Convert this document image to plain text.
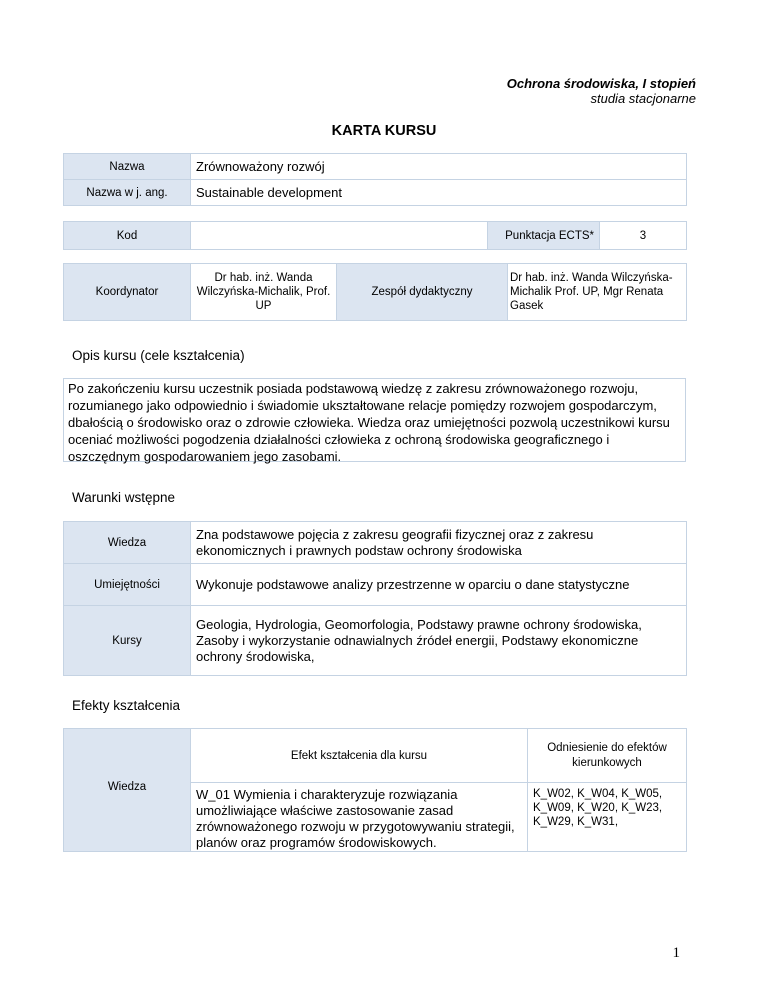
Ochrona środowiska, I stopień
studia stacjonarne
KARTA KURSU
Nazwa	Zrównoważony rozwój
Nazwa w j. ang.	Sustainable development
Kod		Punktacja ECTS*	3
Koordynator	Dr hab. inż. Wanda Wilczyńska-Michalik, Prof. UP	Zespół dydaktyczny	Dr hab. inż. Wanda Wilczyńska-Michalik Prof. UP, Mgr Renata Gasek
Opis kursu (cele kształcenia)
Po zakończeniu kursu uczestnik posiada podstawową wiedzę z zakresu zrównoważonego rozwoju, rozumianego jako odpowiednio i świadomie ukształtowane relacje pomiędzy rozwojem gospodarczym, dbałością o środowisko oraz o zdrowie człowieka. Wiedza oraz umiejętności pozwolą uczestnikowi kursu oceniać możliwości pogodzenia działalności człowieka z ochroną środowiska geograficznego i oszczędnym gospodarowaniem jego zasobami.
Warunki wstępne
Wiedza	Zna podstawowe pojęcia z zakresu geografii fizycznej oraz z zakresu ekonomicznych i prawnych podstaw ochrony środowiska
Umiejętności	Wykonuje podstawowe analizy przestrzenne w oparciu o dane statystyczne
Kursy	Geologia, Hydrologia, Geomorfologia, Podstawy prawne ochrony środowiska, Zasoby i wykorzystanie odnawialnych źródeł energii, Podstawy ekonomiczne ochrony środowiska,
Efekty kształcenia
Wiedza	Efekt kształcenia dla kursu	Odniesienie do efektów kierunkowych
	W_01 Wymienia i charakteryzuje rozwiązania umożliwiające właściwe zastosowanie zasad zrównoważonego rozwoju w przygotowywaniu strategii, planów oraz programów środowiskowych.	K_W02, K_W04, K_W05, K_W09, K_W20, K_W23, K_W29, K_W31,
1
